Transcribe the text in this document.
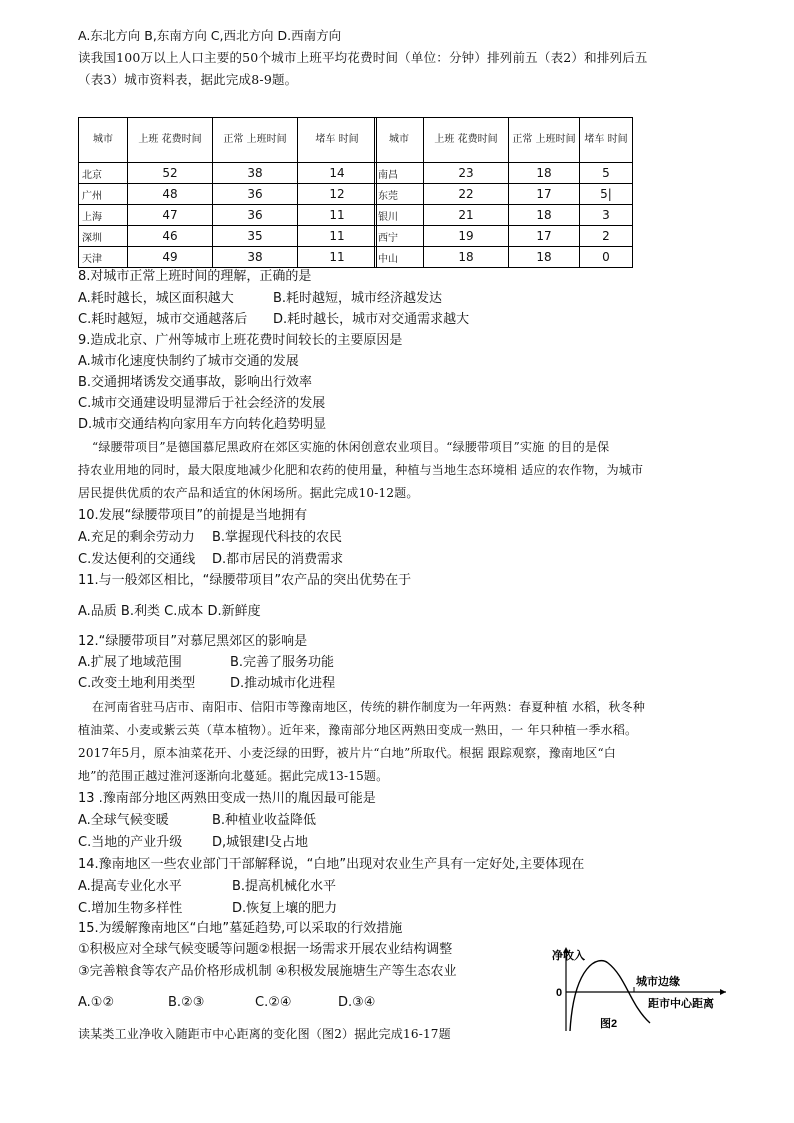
A.东北方向 B,东南方向 C,西北方向 D.西南方向
读我国100万以上人口主要的50个城市上班平均花费时间（单位：分钟）排列前五（表2）和排列后五
（表3）城市资料表，据此完成8-9题。
城市	上班 花费时间	正常 上班时间	堵车 时间
北京	52	38	14
广州	48	36	12
上海	47	36	11
深圳	46	35	11
天津	49	38	11
城市	上班 花费时间	正常 上班时间	堵车 时间
南昌	23	18	5
东莞	22	17	5|
银川	21	18	3
西宁	19	17	2
中山	18	18	0
8.对城市正常上班时间的理解，正确的是
A.耗时越长，城区面积越大	B.耗时越短，城市经济越发达
C.耗时越短，城市交通越落后 D.耗时越长，城市对交通需求越大
9.造成北京、广州等城市上班花费时间较长的主要原因是
A.城市化速度快制约了城市交通的发展
B.交通拥堵诱发交通事故，影响出行效率
C.城市交通建设明显滞后于社会经济的发展
D.城市交通结构向家用车方向转化趋势明显
“绿腰带项目”是德国慕尼黑政府在郊区实施的休闲创意农业项目。“绿腰带项目”实施 的目的是保
持农业用地的同时，最大限度地减少化肥和农药的使用量，种植与当地生态环境相 适应的农作物，为城市
居民提供优质的农产品和适宜的休闲场所。据此完成10-12题。
10.发展“绿腰带项目”的前提是当地拥有
A.充足的剩余劳动力 B.掌握现代科技的农民
C.发达便利的交通线 D.都市居民的消费需求
11.与一般郊区相比，“绿腰带项目”农产品的突出优势在于
A.品质 B.利类 C.成本 D.新鲜度
12.“绿腰带项目”对慕尼黑郊区的影响是
A.扩展了地域范围	B.完善了服务功能
C.改变土地利用类型	D.推动城市化进程
在河南省驻马店市、南阳市、信阳市等豫南地区，传统的耕作制度为一年两熟：春夏种植 水稻，秋冬种
植油菜、小麦或紫云英（草本植物）。近年来，豫南部分地区两熟田变成一熟田，一 年只种植一季水稻。
2017年5月，原本油菜花开、小麦泛绿的田野，被片片“白地”所取代。根据 跟踪观察，豫南地区“白
地”的范围正越过淮河逐渐向北蔓延。据此完成13-15题。
13 .豫南部分地区两熟田变成一热川的胤因最可能是
A.全球气候变暖	B.种植业收益降低
C.当地的产业升级 D,城银建Ⅰ殳占地
14.豫南地区一些农业部门干部解释说，“白地”出现对农业生产具有一定好处,主要体现在
A.提高专业化水平	B.提高机械化水平
C.增加生物多样性	D.恢复上壤的肥力
15.为缓解豫南地区“白地”墓延趋势,可以采取的行效措施
①积极应对全球气候变暖等问题②根据一场需求开展农业结构调整
③完善粮食等农产品价格形成机制 ④积极发展施塘生产等生态农业
A.①②	B.②③	C.②④	D.③④
读某类工业净收入随距市中心距离的变化图（图2）据此完成16-17题
净收入
0
城市边缘
距市中心距离
图2
